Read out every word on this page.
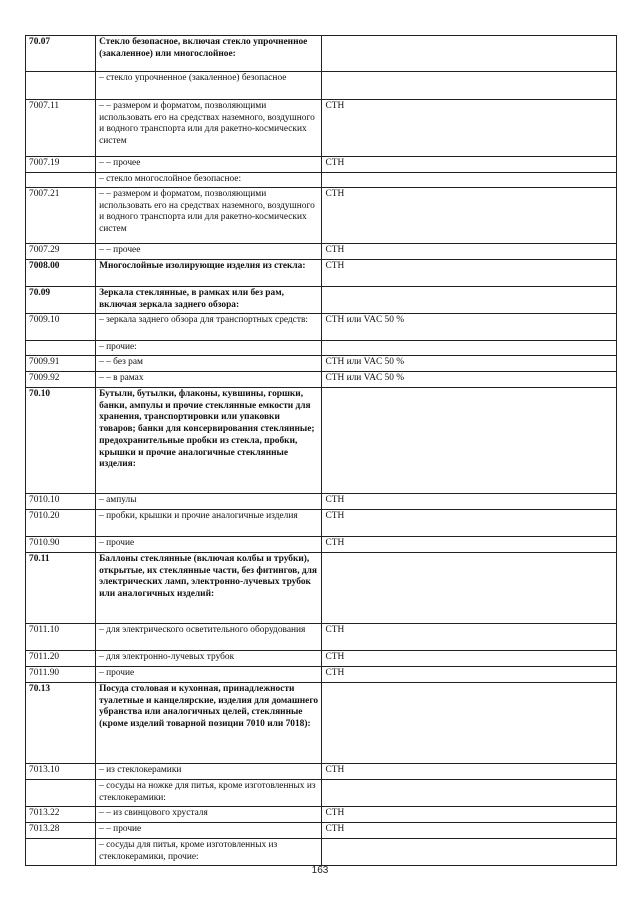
70.07	Стекло безопасное, включая стекло упрочненное (закаленное) или многослойное:	
	– стекло упрочненное (закаленное) безопасное	
7007.11	– – размером и форматом, позволяющими использовать его на средствах наземного, воздушного и водного транспорта или для ракетно-космических систем	СТН
7007.19	– – прочее	СТН
	– стекло многослойное безопасное:	
7007.21	– – размером и форматом, позволяющими использовать его на средствах наземного, воздушного и водного транспорта или для ракетно-космических систем	СТН
7007.29	– – прочее	СТН
7008.00	Многослойные изолирующие изделия из стекла:	СТН
70.09	Зеркала стеклянные, в рамках или без рам, включая зеркала заднего обзора:	
7009.10	– зеркала заднего обзора для транспортных средств:	СТН или VAC 50 %
	– прочие:	
7009.91	– – без рам	СТН или VAC 50 %
7009.92	– – в рамах	СТН или VAC 50 %
70.10	Бутыли, бутылки, флаконы, кувшины, горшки, банки, ампулы и прочие стеклянные емкости для хранения, транспортировки или упаковки товаров; банки для консервирования стеклянные; предохранительные пробки из стекла, пробки, крышки и прочие аналогичные стеклянные изделия:	
7010.10	– ампулы	СТН
7010.20	– пробки, крышки и прочие аналогичные изделия	СТН
7010.90	– прочие	СТН
70.11	Баллоны стеклянные (включая колбы и трубки), открытые, их стеклянные части, без фитингов, для электрических ламп, электронно-лучевых трубок или аналогичных изделий:	
7011.10	– для электрического осветительного оборудования	СТН
7011.20	– для электронно-лучевых трубок	СТН
7011.90	– прочие	СТН
70.13	Посуда столовая и кухонная, принадлежности туалетные и канцелярские, изделия для домашнего убранства или аналогичных целей, стеклянные (кроме изделий товарной позиции 7010 или 7018):	
7013.10	– из стеклокерамики	СТН
	– сосуды на ножке для питья, кроме изготовленных из стеклокерамики:	
7013.22	– – из свинцового хрусталя	СТН
7013.28	– – прочие	СТН
	– сосуды для питья, кроме изготовленных из стеклокерамики, прочие:	
163
